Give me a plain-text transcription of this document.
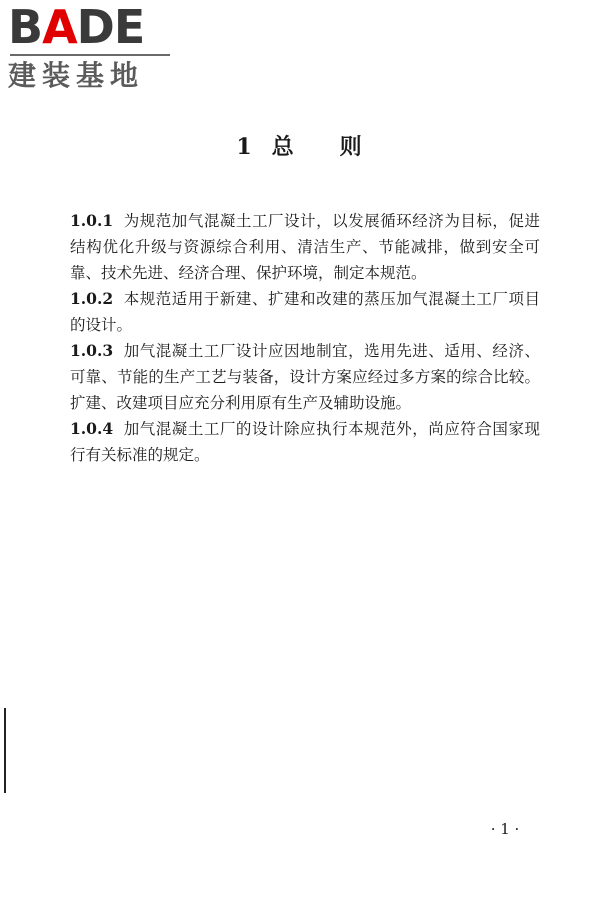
BADE
建装基地
1 总 则

1.0.1 为规范加气混凝土工厂设计，以发展循环经济为目标，促进结构优化升级与资源综合利用、清洁生产、节能减排，做到安全可靠、技术先进、经济合理、保护环境，制定本规范。

1.0.2 本规范适用于新建、扩建和改建的蒸压加气混凝土工厂项目的设计。

1.0.3 加气混凝土工厂设计应因地制宜，选用先进、适用、经济、可靠、节能的生产工艺与装备，设计方案应经过多方案的综合比较。扩建、改建项目应充分利用原有生产及辅助设施。

1.0.4 加气混凝土工厂的设计除应执行本规范外，尚应符合国家现行有关标准的规定。

· 1 ·
